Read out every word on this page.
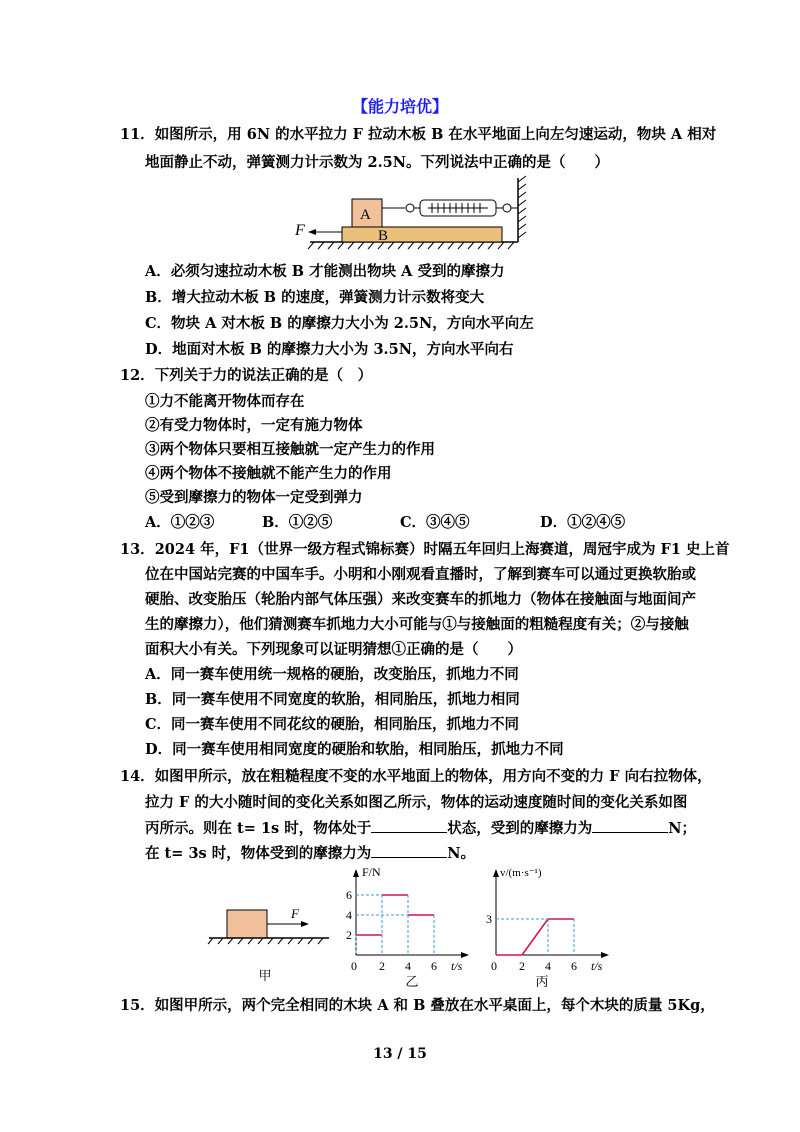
【能力培优】
11．如图所示，用 6N 的水平拉力 F 拉动木板 B 在水平地面上向左匀速运动，物块 A 相对
地面静止不动，弹簧测力计示数为 2.5N。下列说法中正确的是（　　）
B
A
F
A．必须匀速拉动木板 B 才能测出物块 A 受到的摩擦力
B．增大拉动木板 B 的速度，弹簧测力计示数将变大
C．物块 A 对木板 B 的摩擦力大小为 2.5N，方向水平向左
D．地面对木板 B 的摩擦力大小为 3.5N，方向水平向右
12．下列关于力的说法正确的是（　）
①力不能离开物体而存在
②有受力物体时，一定有施力物体
③两个物体只要相互接触就一定产生力的作用
④两个物体不接触就不能产生力的作用
⑤受到摩擦力的物体一定受到弹力
A．①②③	B．①②⑤	C．③④⑤	D．①②④⑤
13．2024 年，F1（世界一级方程式锦标赛）时隔五年回归上海赛道，周冠宇成为 F1 史上首
位在中国站完赛的中国车手。小明和小刚观看直播时，了解到赛车可以通过更换软胎或
硬胎、改变胎压（轮胎内部气体压强）来改变赛车的抓地力（物体在接触面与地面间产
生的摩擦力），他们猜测赛车抓地力大小可能与①与接触面的粗糙程度有关；②与接触
面积大小有关。下列现象可以证明猜想①正确的是（　　）
A．同一赛车使用统一规格的硬胎，改变胎压，抓地力不同
B．同一赛车使用不同宽度的软胎，相同胎压，抓地力相同
C．同一赛车使用不同花纹的硬胎，相同胎压，抓地力不同
D．同一赛车使用相同宽度的硬胎和软胎，相同胎压，抓地力不同
14．如图甲所示，放在粗糙程度不变的水平地面上的物体，用方向不变的力 F 向右拉物体，
拉力 F 的大小随时间的变化关系如图乙所示，物体的运动速度随时间的变化关系如图
丙所示。则在 t= 1s 时，物体处于	状态，受到的摩擦力为	N；
在 t= 3s 时，物体受到的摩擦力为	N。
F
甲
F/N
t/s
0 2 4 6
2
4
6
乙
v/(m·s⁻¹)
t/s
0 2 4 6
3
丙
15．如图甲所示，两个完全相同的木块 A 和 B 叠放在水平桌面上，每个木块的质量 5Kg，
13 / 15
